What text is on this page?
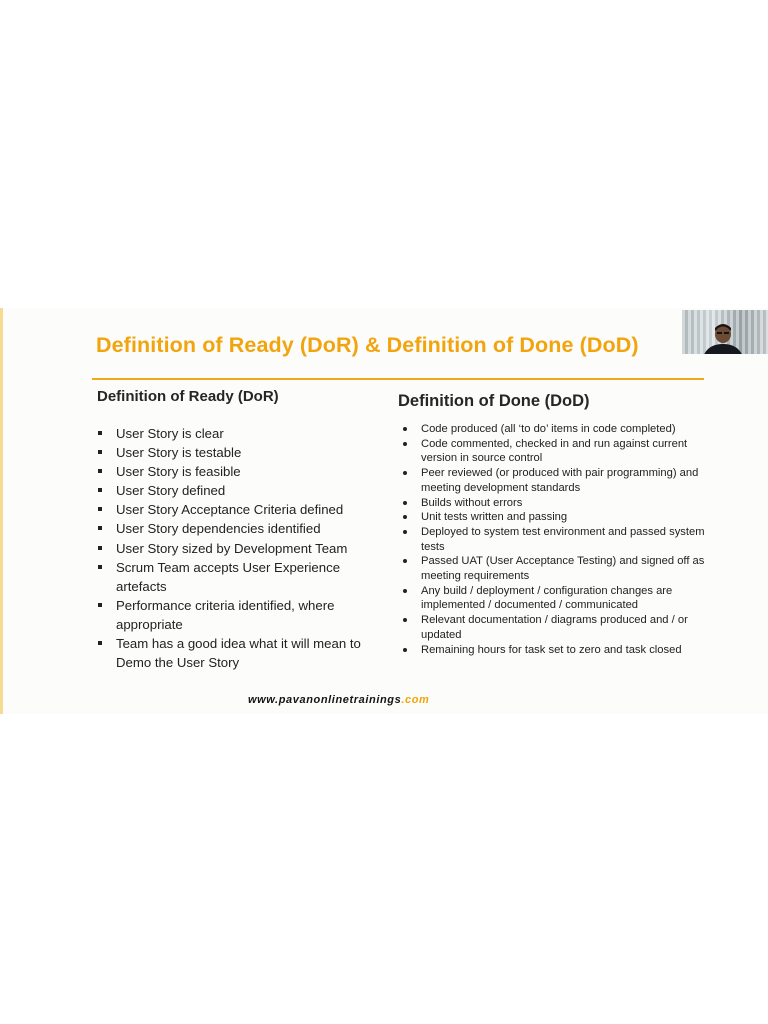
Definition of Ready (DoR) & Definition of Done (DoD)
Definition of Ready (DoR)	Definition of Done (DoD)
User Story is clear
User Story is testable
User Story is feasible
User Story defined
User Story Acceptance Criteria defined
User Story dependencies identified
User Story sized by Development Team
Scrum Team accepts User Experience artefacts
Performance criteria identified, where appropriate
Team has a good idea what it will mean to Demo the User Story
Code produced (all ‘to do’ items in code completed)
Code commented, checked in and run against current version in source control
Peer reviewed (or produced with pair programming) and meeting development standards
Builds without errors
Unit tests written and passing
Deployed to system test environment and passed system tests
Passed UAT (User Acceptance Testing) and signed off as meeting requirements
Any build / deployment / configuration changes are implemented / documented / communicated
Relevant documentation / diagrams produced and / or updated
Remaining hours for task set to zero and task closed
www.pavanonlinetrainings.com
